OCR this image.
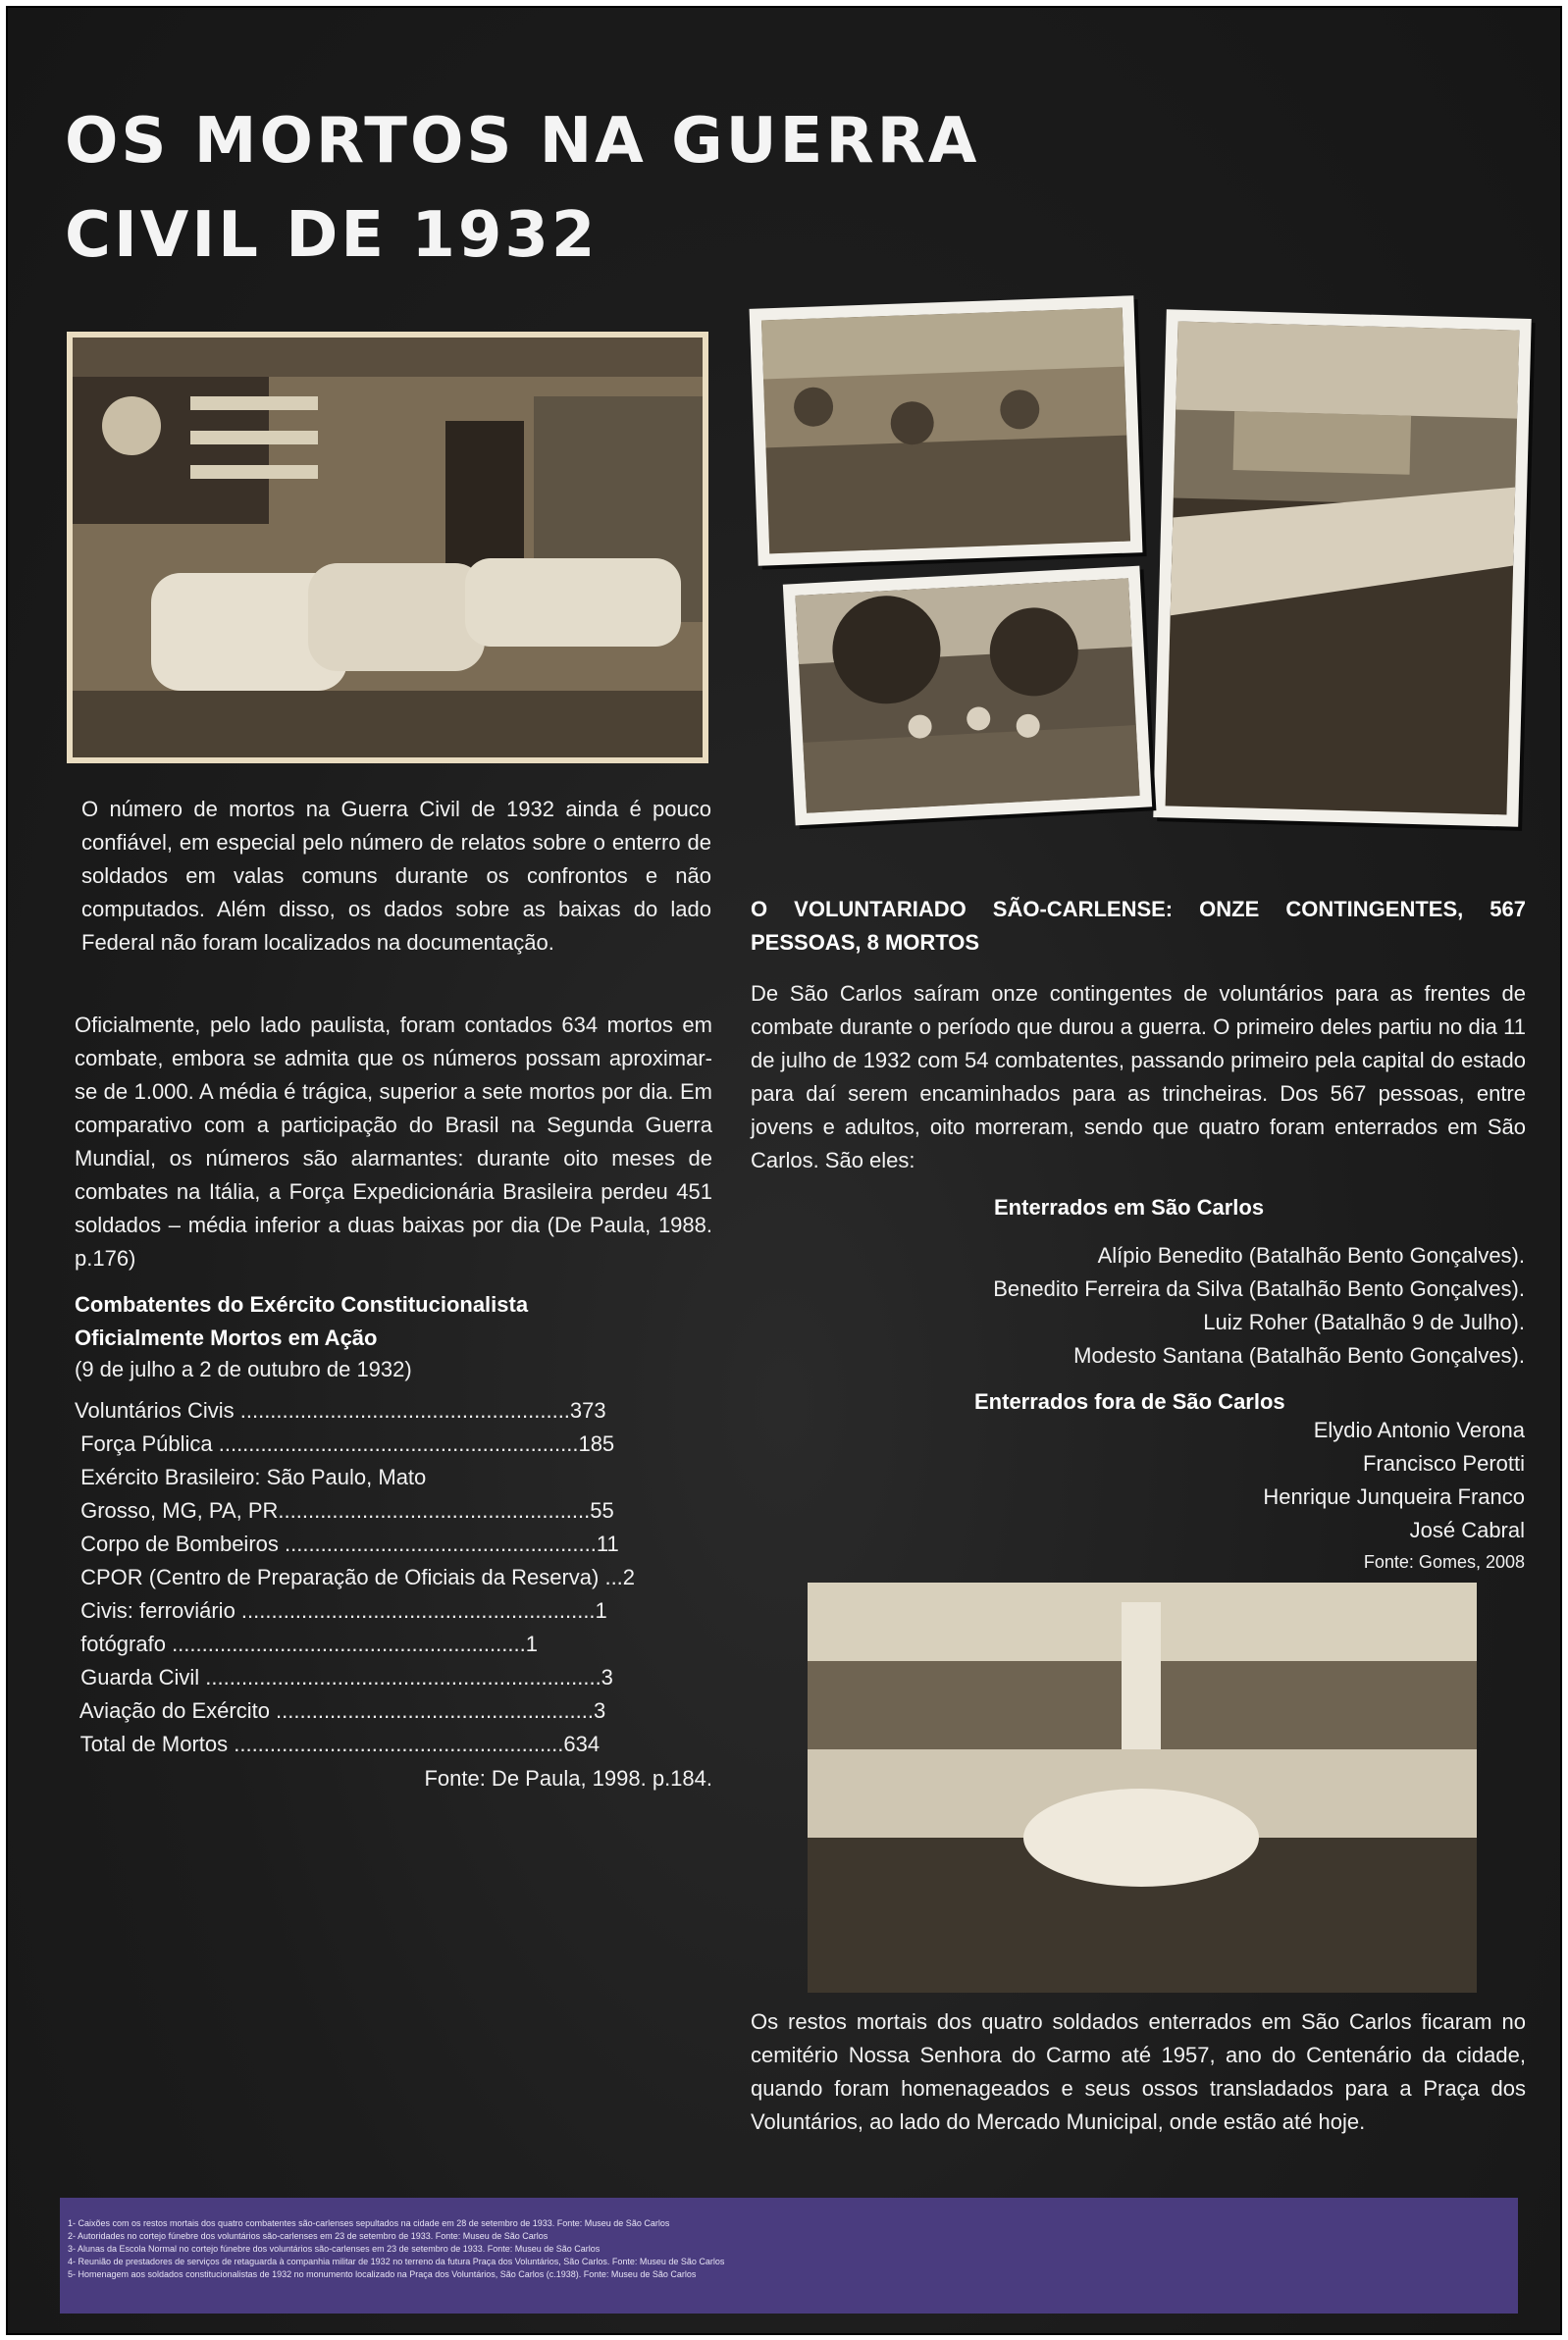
OS MORTOS NA GUERRA
CIVIL DE 1932

O número de mortos na Guerra Civil de 1932 ainda é pouco confiável, em especial pelo número de relatos sobre o enterro de soldados em valas comuns durante os confrontos e não computados. Além disso, os dados sobre as baixas do lado Federal não foram localizados na documentação.

Oficialmente, pelo lado paulista, foram contados 634 mortos em combate, embora se admita que os números possam aproximar-se de 1.000. A média é trágica, superior a sete mortos por dia. Em comparativo com a participação do Brasil na Segunda Guerra Mundial, os números são alarmantes: durante oito meses de combates na Itália, a Força Expedicionária Brasileira perdeu 451 soldados – média inferior a duas baixas por dia (De Paula, 1988. p.176)

Combatentes do Exército Constitucionalista
Oficialmente Mortos em Ação
(9 de julho a 2 de outubro de 1932)
Voluntários Civis .......................................................373
Força Pública ............................................................185
Exército Brasileiro: São Paulo, Mato
Grosso, MG, PA, PR....................................................55
Corpo de Bombeiros ....................................................11
CPOR (Centro de Preparação de Oficiais da Reserva) ...2
Civis: ferroviário ...........................................................1
fotógrafo ...........................................................1
Guarda Civil ..................................................................3
Aviação do Exército .....................................................3
Total de Mortos .......................................................634
Fonte: De Paula, 1998. p.184.
O VOLUNTARIADO SÃO-CARLENSE: ONZE CONTINGENTES, 567
PESSOAS, 8 MORTOS

De São Carlos saíram onze contingentes de voluntários para as frentes de combate durante o período que durou a guerra. O primeiro deles partiu no dia 11 de julho de 1932 com 54 combatentes, passando primeiro pela capital do estado para daí serem encaminhados para as trincheiras. Dos 567 pessoas, entre jovens e adultos, oito morreram, sendo que quatro foram enterrados em São Carlos. São eles:

Enterrados em São Carlos
Alípio Benedito (Batalhão Bento Gonçalves).
Benedito Ferreira da Silva (Batalhão Bento Gonçalves).
Luiz Roher (Batalhão 9 de Julho).
Modesto Santana (Batalhão Bento Gonçalves).
Enterrados fora de São Carlos
Elydio Antonio Verona
Francisco Perotti
Henrique Junqueira Franco
José Cabral
Fonte: Gomes, 2008

Os restos mortais dos quatro soldados enterrados em São Carlos ficaram no cemitério Nossa Senhora do Carmo até 1957, ano do Centenário da cidade, quando foram homenageados e seus ossos transladados para a Praça dos Voluntários, ao lado do Mercado Municipal, onde estão até hoje.

1- Caixões com os restos mortais dos quatro combatentes são-carlenses sepultados na cidade em 28 de setembro de 1933. Fonte: Museu de São Carlos
2- Autoridades no cortejo fúnebre dos voluntários são-carlenses em 23 de setembro de 1933. Fonte: Museu de São Carlos
3- Alunas da Escola Normal no cortejo fúnebre dos voluntários são-carlenses em 23 de setembro de 1933. Fonte: Museu de São Carlos
4- Reunião de prestadores de serviços de retaguarda à companhia militar de 1932 no terreno da futura Praça dos Voluntários, São Carlos. Fonte: Museu de São Carlos
5- Homenagem aos soldados constitucionalistas de 1932 no monumento localizado na Praça dos Voluntários, São Carlos (c.1938). Fonte: Museu de São Carlos
